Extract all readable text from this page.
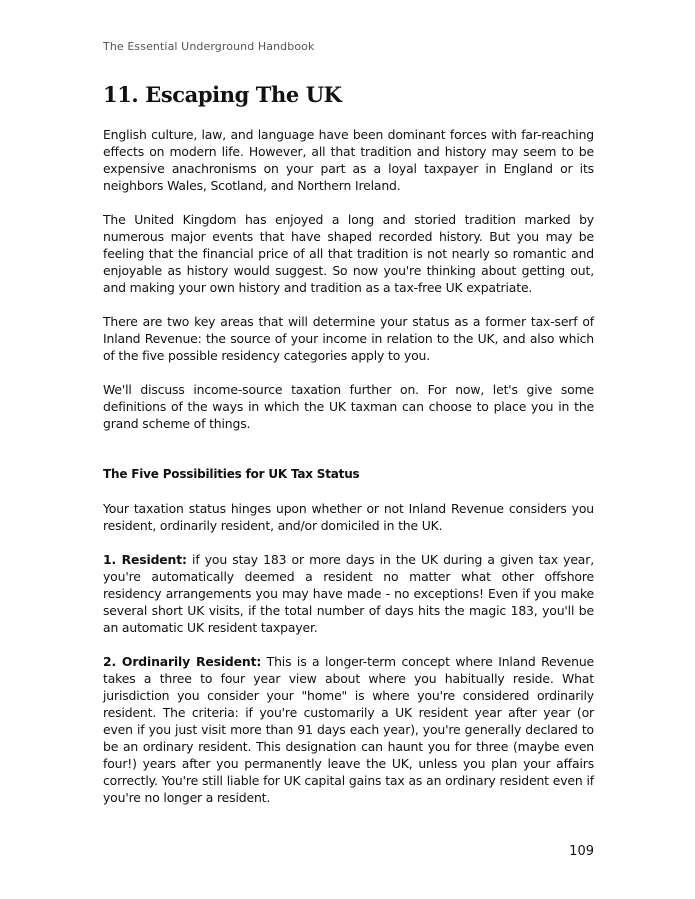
The Essential Underground Handbook
11. Escaping The UK

English culture, law, and language have been dominant forces with far-reaching effects on modern life. However, all that tradition and history may seem to be expensive anachronisms on your part as a loyal taxpayer in England or its neighbors Wales, Scotland, and Northern Ireland.

The United Kingdom has enjoyed a long and storied tradition marked by numerous major events that have shaped recorded history. But you may be feeling that the financial price of all that tradition is not nearly so romantic and enjoyable as history would suggest. So now you're thinking about getting out, and making your own history and tradition as a tax-free UK expatriate.

There are two key areas that will determine your status as a former tax-serf of Inland Revenue: the source of your income in relation to the UK, and also which of the five possible residency categories apply to you.

We'll discuss income-source taxation further on. For now, let's give some definitions of the ways in which the UK taxman can choose to place you in the grand scheme of things.

The Five Possibilities for UK Tax Status

Your taxation status hinges upon whether or not Inland Revenue considers you resident, ordinarily resident, and/or domiciled in the UK.

1. Resident: if you stay 183 or more days in the UK during a given tax year, you're automatically deemed a resident no matter what other offshore residency arrangements you may have made - no exceptions! Even if you make several short UK visits, if the total number of days hits the magic 183, you'll be an automatic UK resident taxpayer.

2. Ordinarily Resident: This is a longer-term concept where Inland Revenue takes a three to four year view about where you habitually reside. What jurisdiction you consider your "home" is where you're considered ordinarily resident. The criteria: if you're customarily a UK resident year after year (or even if you just visit more than 91 days each year), you're generally declared to be an ordinary resident. This designation can haunt you for three (maybe even four!) years after you permanently leave the UK, unless you plan your affairs correctly. You're still liable for UK capital gains tax as an ordinary resident even if you're no longer a resident.

109
